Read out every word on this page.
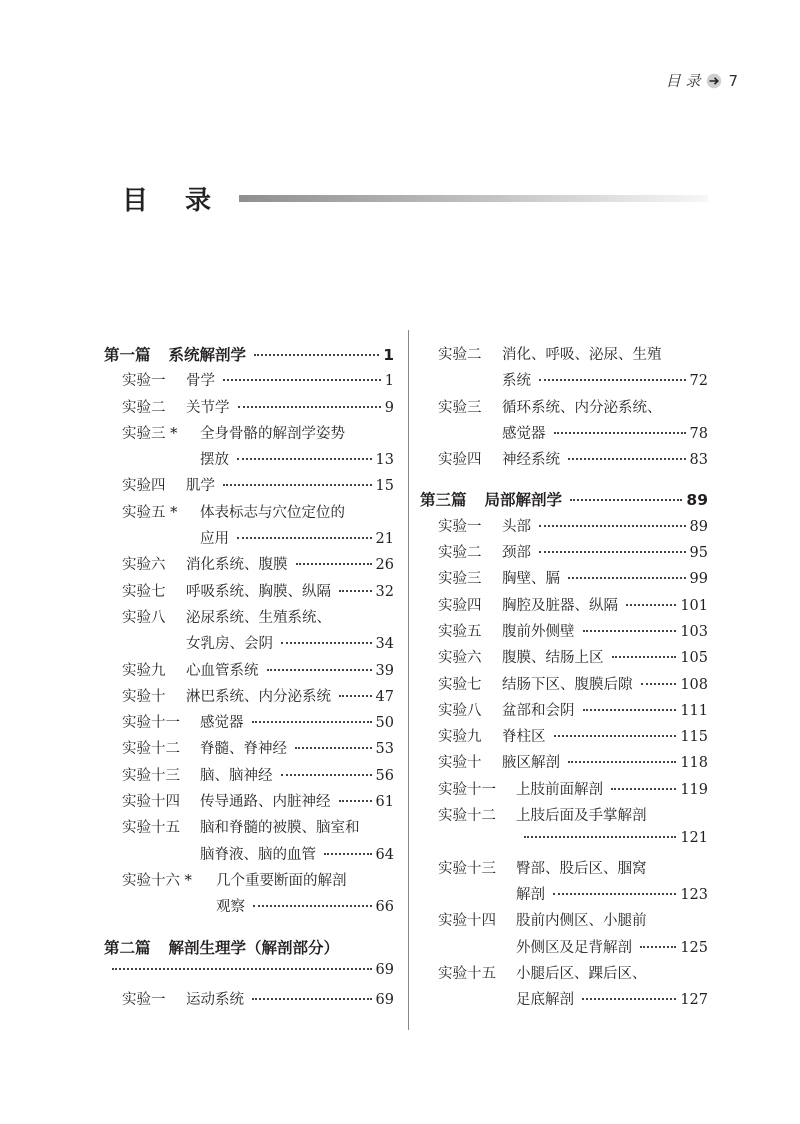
目 录 7
目 录
第一篇 系统解剖学	1
实验一	骨学	1
实验二	关节学	9
实验三 *	全身骨骼的解剖学姿势
摆放	13
实验四	肌学	15
实验五 *	体表标志与穴位定位的
应用	21
实验六	消化系统、腹膜	26
实验七	呼吸系统、胸膜、纵隔	32
实验八	泌尿系统、生殖系统、
女乳房、会阴	34
实验九	心血管系统	39
实验十	淋巴系统、内分泌系统	47
实验十一	感觉器	50
实验十二	脊髓、脊神经	53
实验十三	脑、脑神经	56
实验十四	传导通路、内脏神经	61
实验十五	脑和脊髓的被膜、脑室和
脑脊液、脑的血管	64
实验十六 *	几个重要断面的解剖
观察	66
第二篇 解剖生理学（解剖部分）
69
实验一	运动系统	69
实验二	消化、呼吸、泌尿、生殖
系统	72
实验三	循环系统、内分泌系统、
感觉器	78
实验四	神经系统	83
第三篇 局部解剖学	89
实验一	头部	89
实验二	颈部	95
实验三	胸壁、膈	99
实验四	胸腔及脏器、纵隔	101
实验五	腹前外侧壁	103
实验六	腹膜、结肠上区	105
实验七	结肠下区、腹膜后隙	108
实验八	盆部和会阴	111
实验九	脊柱区	115
实验十	腋区解剖	118
实验十一	上肢前面解剖	119
实验十二	上肢后面及手掌解剖
121
实验十三	臀部、股后区、腘窝
解剖	123
实验十四	股前内侧区、小腿前
外侧区及足背解剖	125
实验十五	小腿后区、踝后区、
足底解剖	127
